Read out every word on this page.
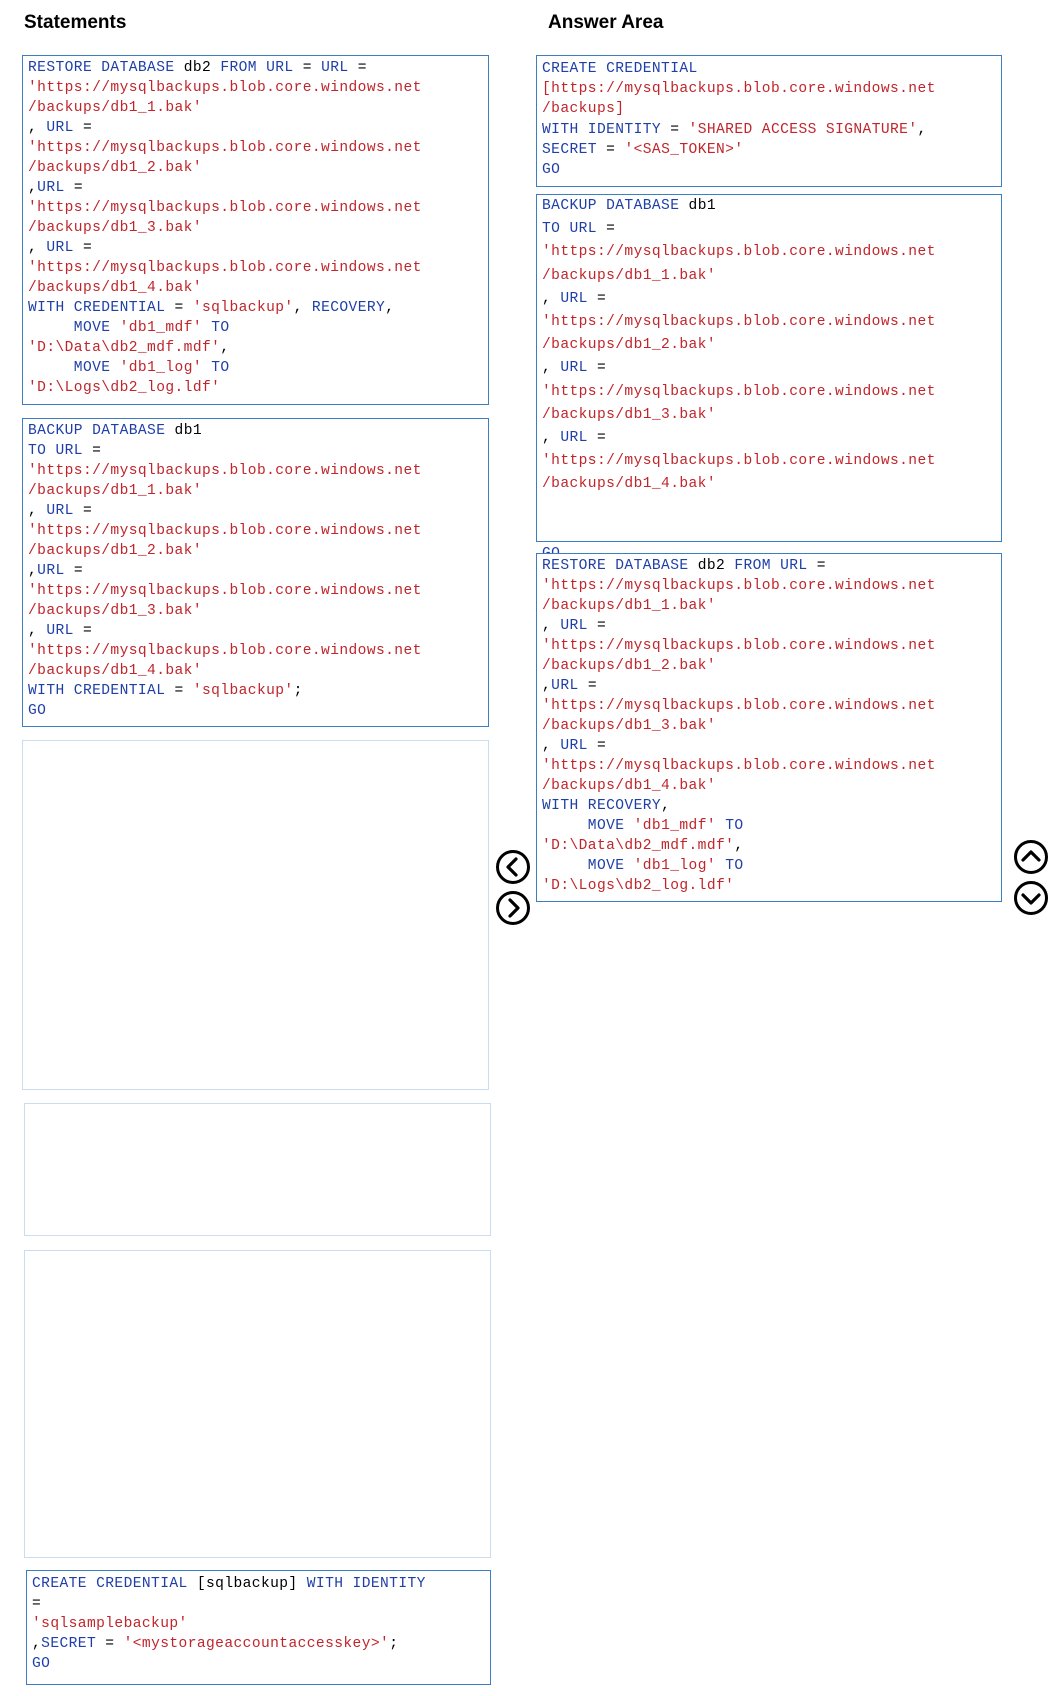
Statements	Answer Area
RESTORE DATABASE db2 FROM URL = URL =
'https://mysqlbackups.blob.core.windows.net
/backups/db1_1.bak'
, URL =
'https://mysqlbackups.blob.core.windows.net
/backups/db1_2.bak'
,URL =
'https://mysqlbackups.blob.core.windows.net
/backups/db1_3.bak'
, URL =
'https://mysqlbackups.blob.core.windows.net
/backups/db1_4.bak'
WITH CREDENTIAL = 'sqlbackup', RECOVERY,
MOVE 'db1_mdf' TO
'D:\Data\db2_mdf.mdf',
MOVE 'db1_log' TO
'D:\Logs\db2_log.ldf'
BACKUP DATABASE db1
TO URL =
'https://mysqlbackups.blob.core.windows.net
/backups/db1_1.bak'
, URL =
'https://mysqlbackups.blob.core.windows.net
/backups/db1_2.bak'
,URL =
'https://mysqlbackups.blob.core.windows.net
/backups/db1_3.bak'
, URL =
'https://mysqlbackups.blob.core.windows.net
/backups/db1_4.bak'
WITH CREDENTIAL = 'sqlbackup';
GO
CREATE CREDENTIAL [sqlbackup] WITH IDENTITY
=
'sqlsamplebackup'
,SECRET = '<mystorageaccountaccesskey>';
GO
CREATE CREDENTIAL
[https://mysqlbackups.blob.core.windows.net
/backups]
WITH IDENTITY = 'SHARED ACCESS SIGNATURE',
SECRET = '<SAS_TOKEN>'
GO
BACKUP DATABASE db1
TO URL =
'https://mysqlbackups.blob.core.windows.net
/backups/db1_1.bak'
, URL =
'https://mysqlbackups.blob.core.windows.net
/backups/db1_2.bak'
, URL =
'https://mysqlbackups.blob.core.windows.net
/backups/db1_3.bak'
, URL =
'https://mysqlbackups.blob.core.windows.net
/backups/db1_4.bak'

RESTORE DATABASE db2 FROM URL =
'https://mysqlbackups.blob.core.windows.net
/backups/db1_1.bak'
, URL =
'https://mysqlbackups.blob.core.windows.net
/backups/db1_2.bak'
,URL =
'https://mysqlbackups.blob.core.windows.net
/backups/db1_3.bak'
, URL =
'https://mysqlbackups.blob.core.windows.net
/backups/db1_4.bak'
WITH RECOVERY,
MOVE 'db1_mdf' TO
'D:\Data\db2_mdf.mdf',
MOVE 'db1_log' TO
'D:\Logs\db2_log.ldf'
